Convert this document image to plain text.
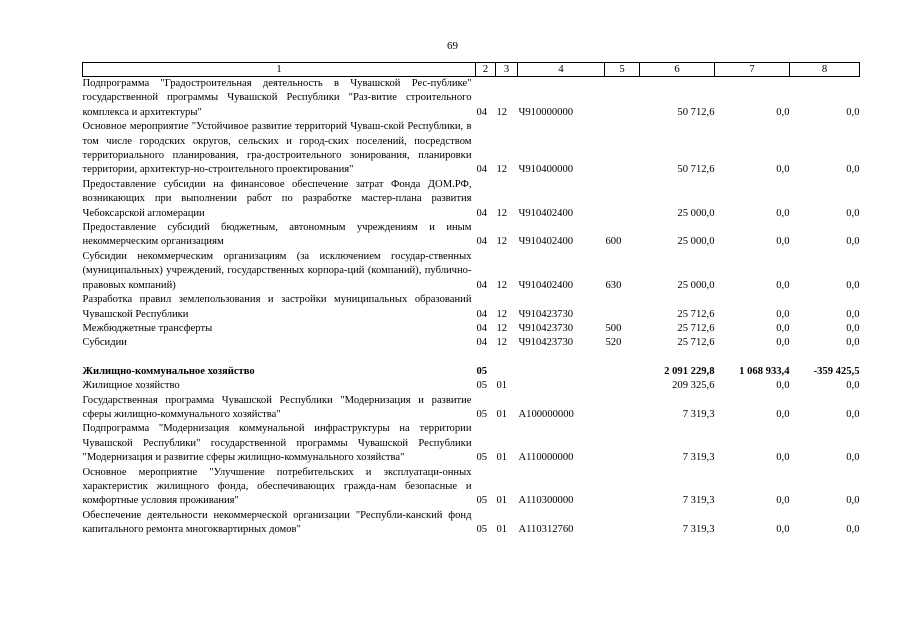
69
1	2	3	4	5	6	7	8
Подпрограмма "Градостроительная деятельность в Чувашской Рес-публике" государственной программы Чувашской Республики "Раз-витие строительного комплекса и архитектуры"	04	12	Ч910000000		50 712,6	0,0	0,0
Основное мероприятие "Устойчивое развитие территорий Чуваш-ской Республики, в том числе городских округов, сельских и город-ских поселений, посредством территориального планирования, гра-достроительного зонирования, планировки территории, архитектур-но-строительного проектирования"	04	12	Ч910400000		50 712,6	0,0	0,0
Предоставление субсидии на финансовое обеспечение затрат Фонда ДОМ.РФ, возникающих при выполнении работ по разработке мастер-плана развития Чебоксарской агломерации	04	12	Ч910402400		25 000,0	0,0	0,0
Предоставление субсидий бюджетным, автономным учреждениям и иным некоммерческим организациям	04	12	Ч910402400	600	25 000,0	0,0	0,0
Субсидии некоммерческим организациям (за исключением государ-ственных (муниципальных) учреждений, государственных корпора-ций (компаний), публично-правовых компаний)	04	12	Ч910402400	630	25 000,0	0,0	0,0
Разработка правил землепользования и застройки муниципальных образований Чувашской Республики	04	12	Ч910423730		25 712,6	0,0	0,0
Межбюджетные трансферты	04	12	Ч910423730	500	25 712,6	0,0	0,0
Субсидии	04	12	Ч910423730	520	25 712,6	0,0	0,0

Жилищно-коммунальное хозяйство	05				2 091 229,8	1 068 933,4	-359 425,5
Жилищное хозяйство	05	01			209 325,6	0,0	0,0
Государственная программа Чувашской Республики "Модернизация и развитие сферы жилищно-коммунального хозяйства"	05	01	А100000000		7 319,3	0,0	0,0
Подпрограмма "Модернизация коммунальной инфраструктуры на территории Чувашской Республики" государственной программы Чувашской Республики "Модернизация и развитие сферы жилищно-коммунального хозяйства"	05	01	А110000000		7 319,3	0,0	0,0
Основное мероприятие "Улучшение потребительских и эксплуатаци-онных характеристик жилищного фонда, обеспечивающих гражда-нам безопасные и комфортные условия проживания"	05	01	А110300000		7 319,3	0,0	0,0
Обеспечение деятельности некоммерческой организации "Республи-канский фонд капитального ремонта многоквартирных домов"	05	01	А110312760		7 319,3	0,0	0,0
